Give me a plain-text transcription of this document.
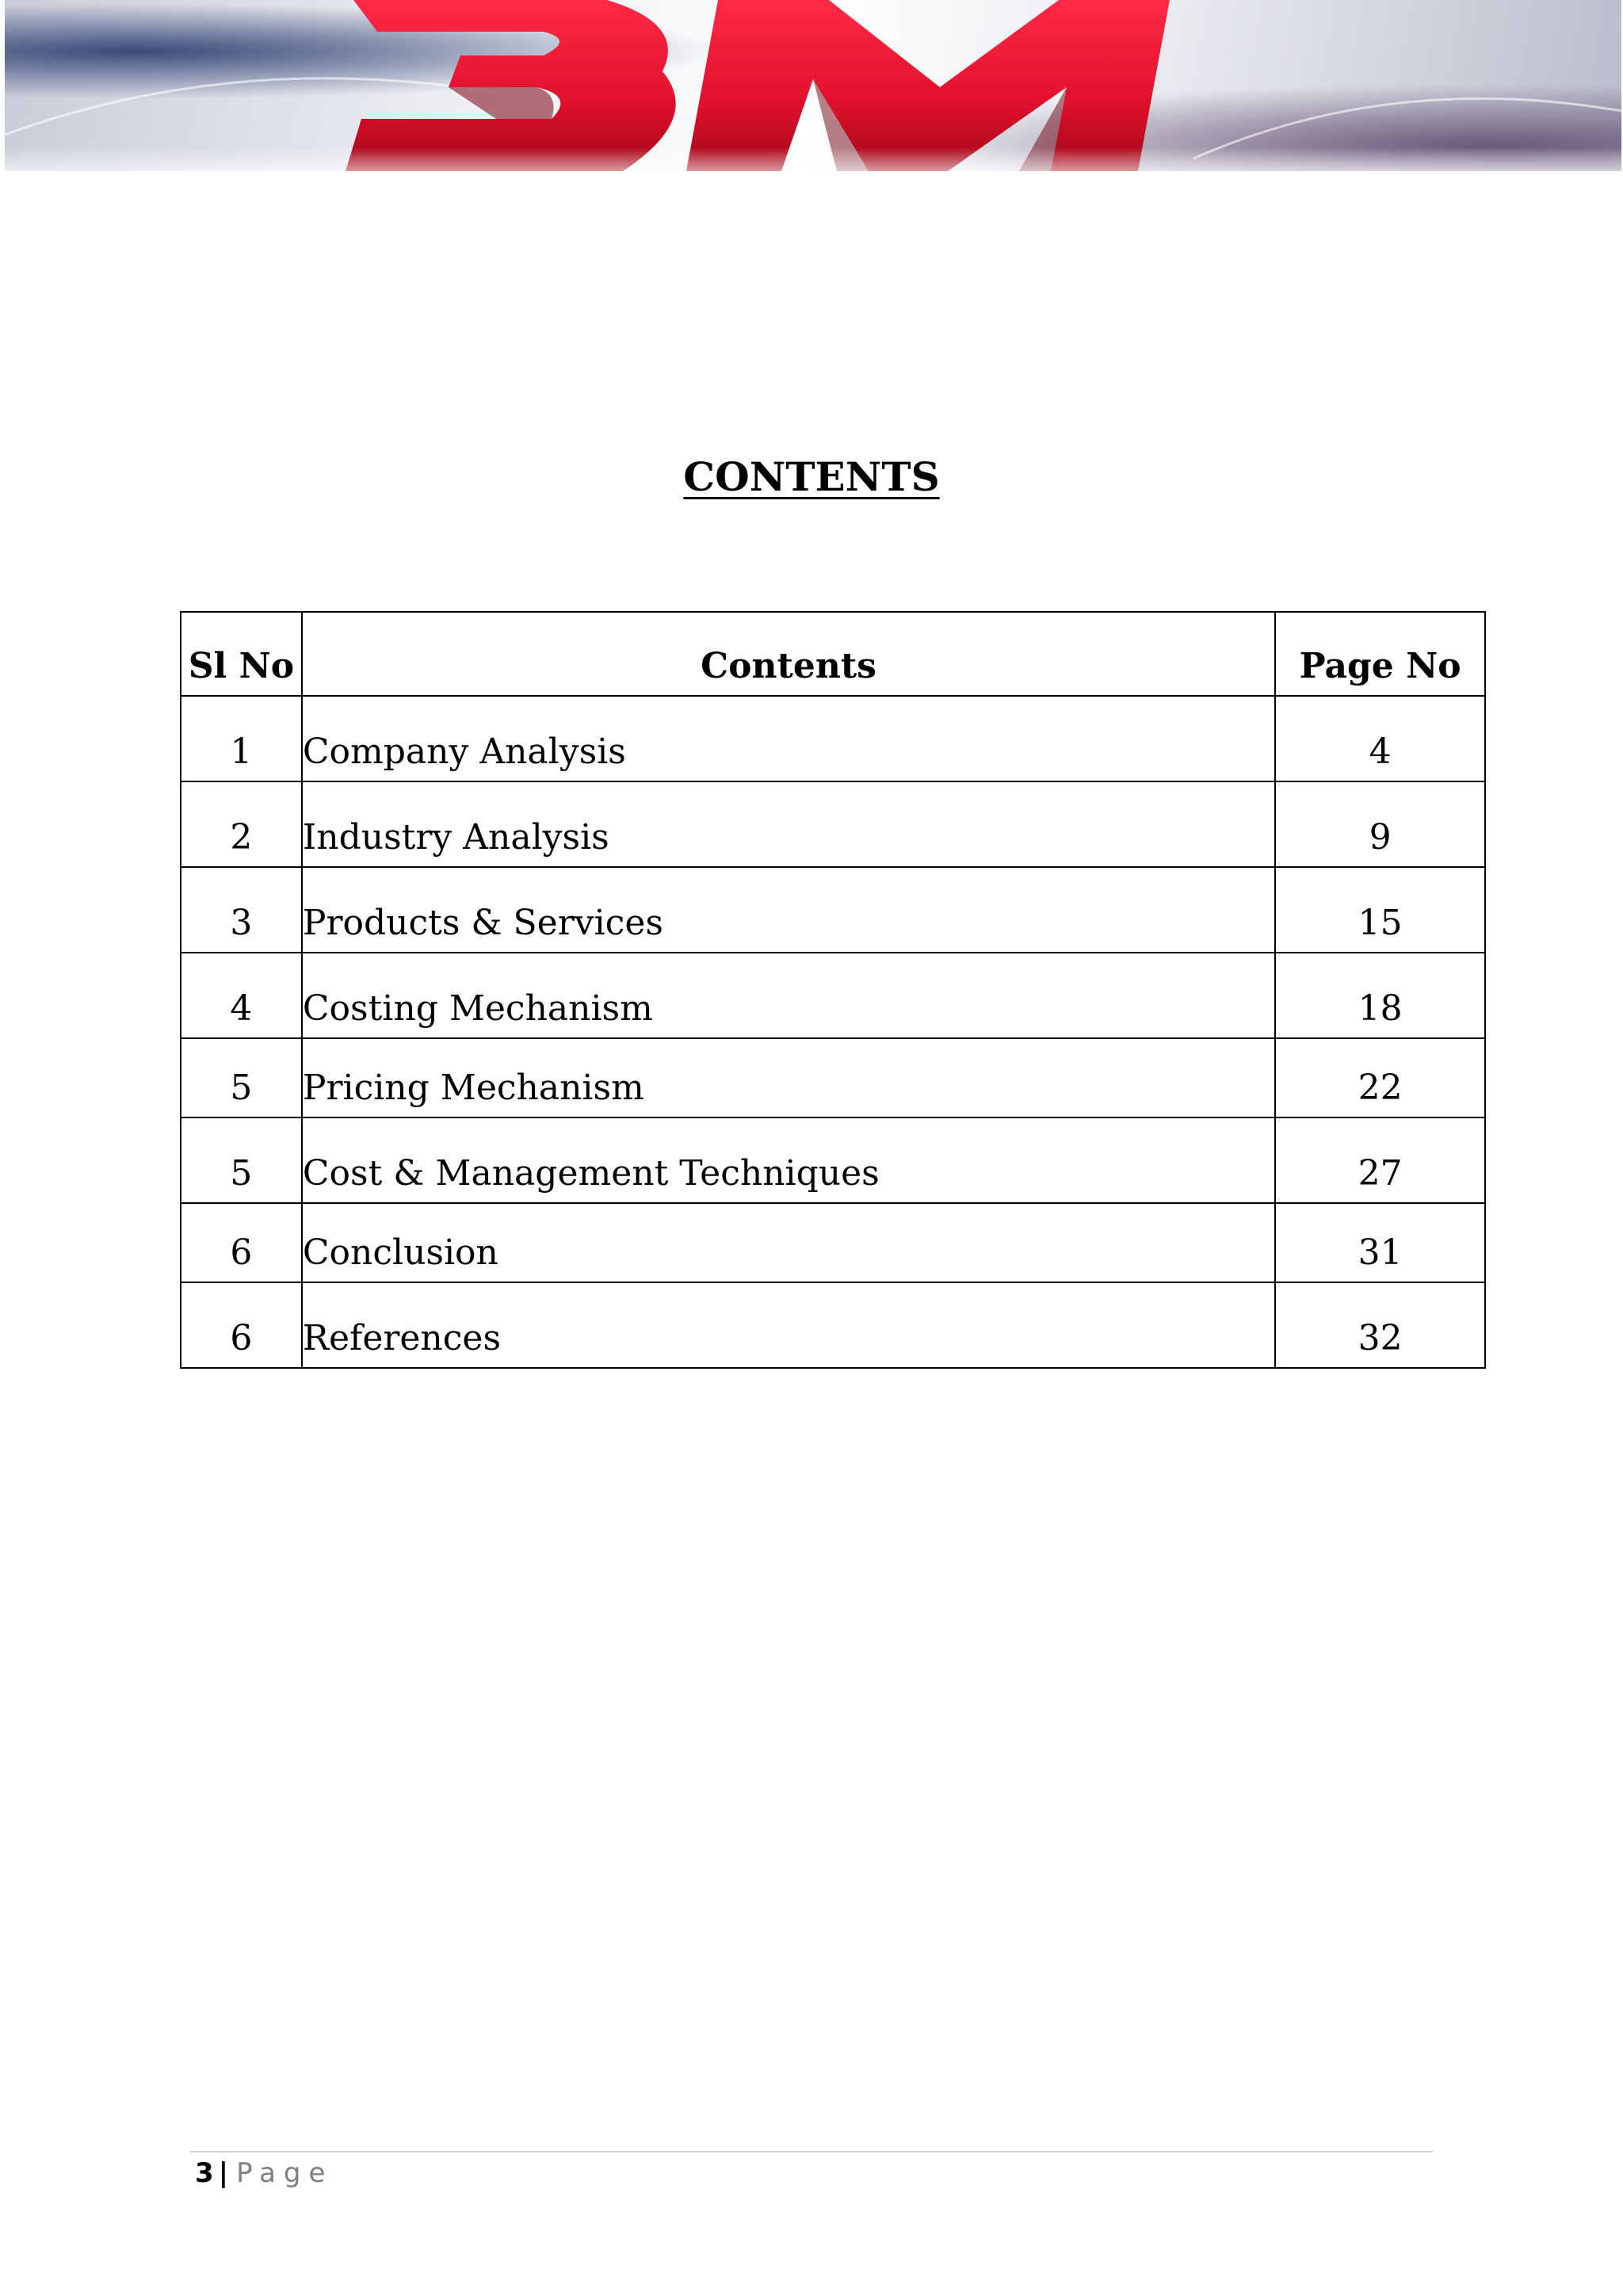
CONTENTS
Sl No	Contents	Page No
1	Company Analysis	4
2	Industry Analysis	9
3	Products & Services	15
4	Costing Mechanism	18
5	Pricing Mechanism	22
5	Cost & Management Techniques	27
6	Conclusion	31
6	References	32
3 | Page
